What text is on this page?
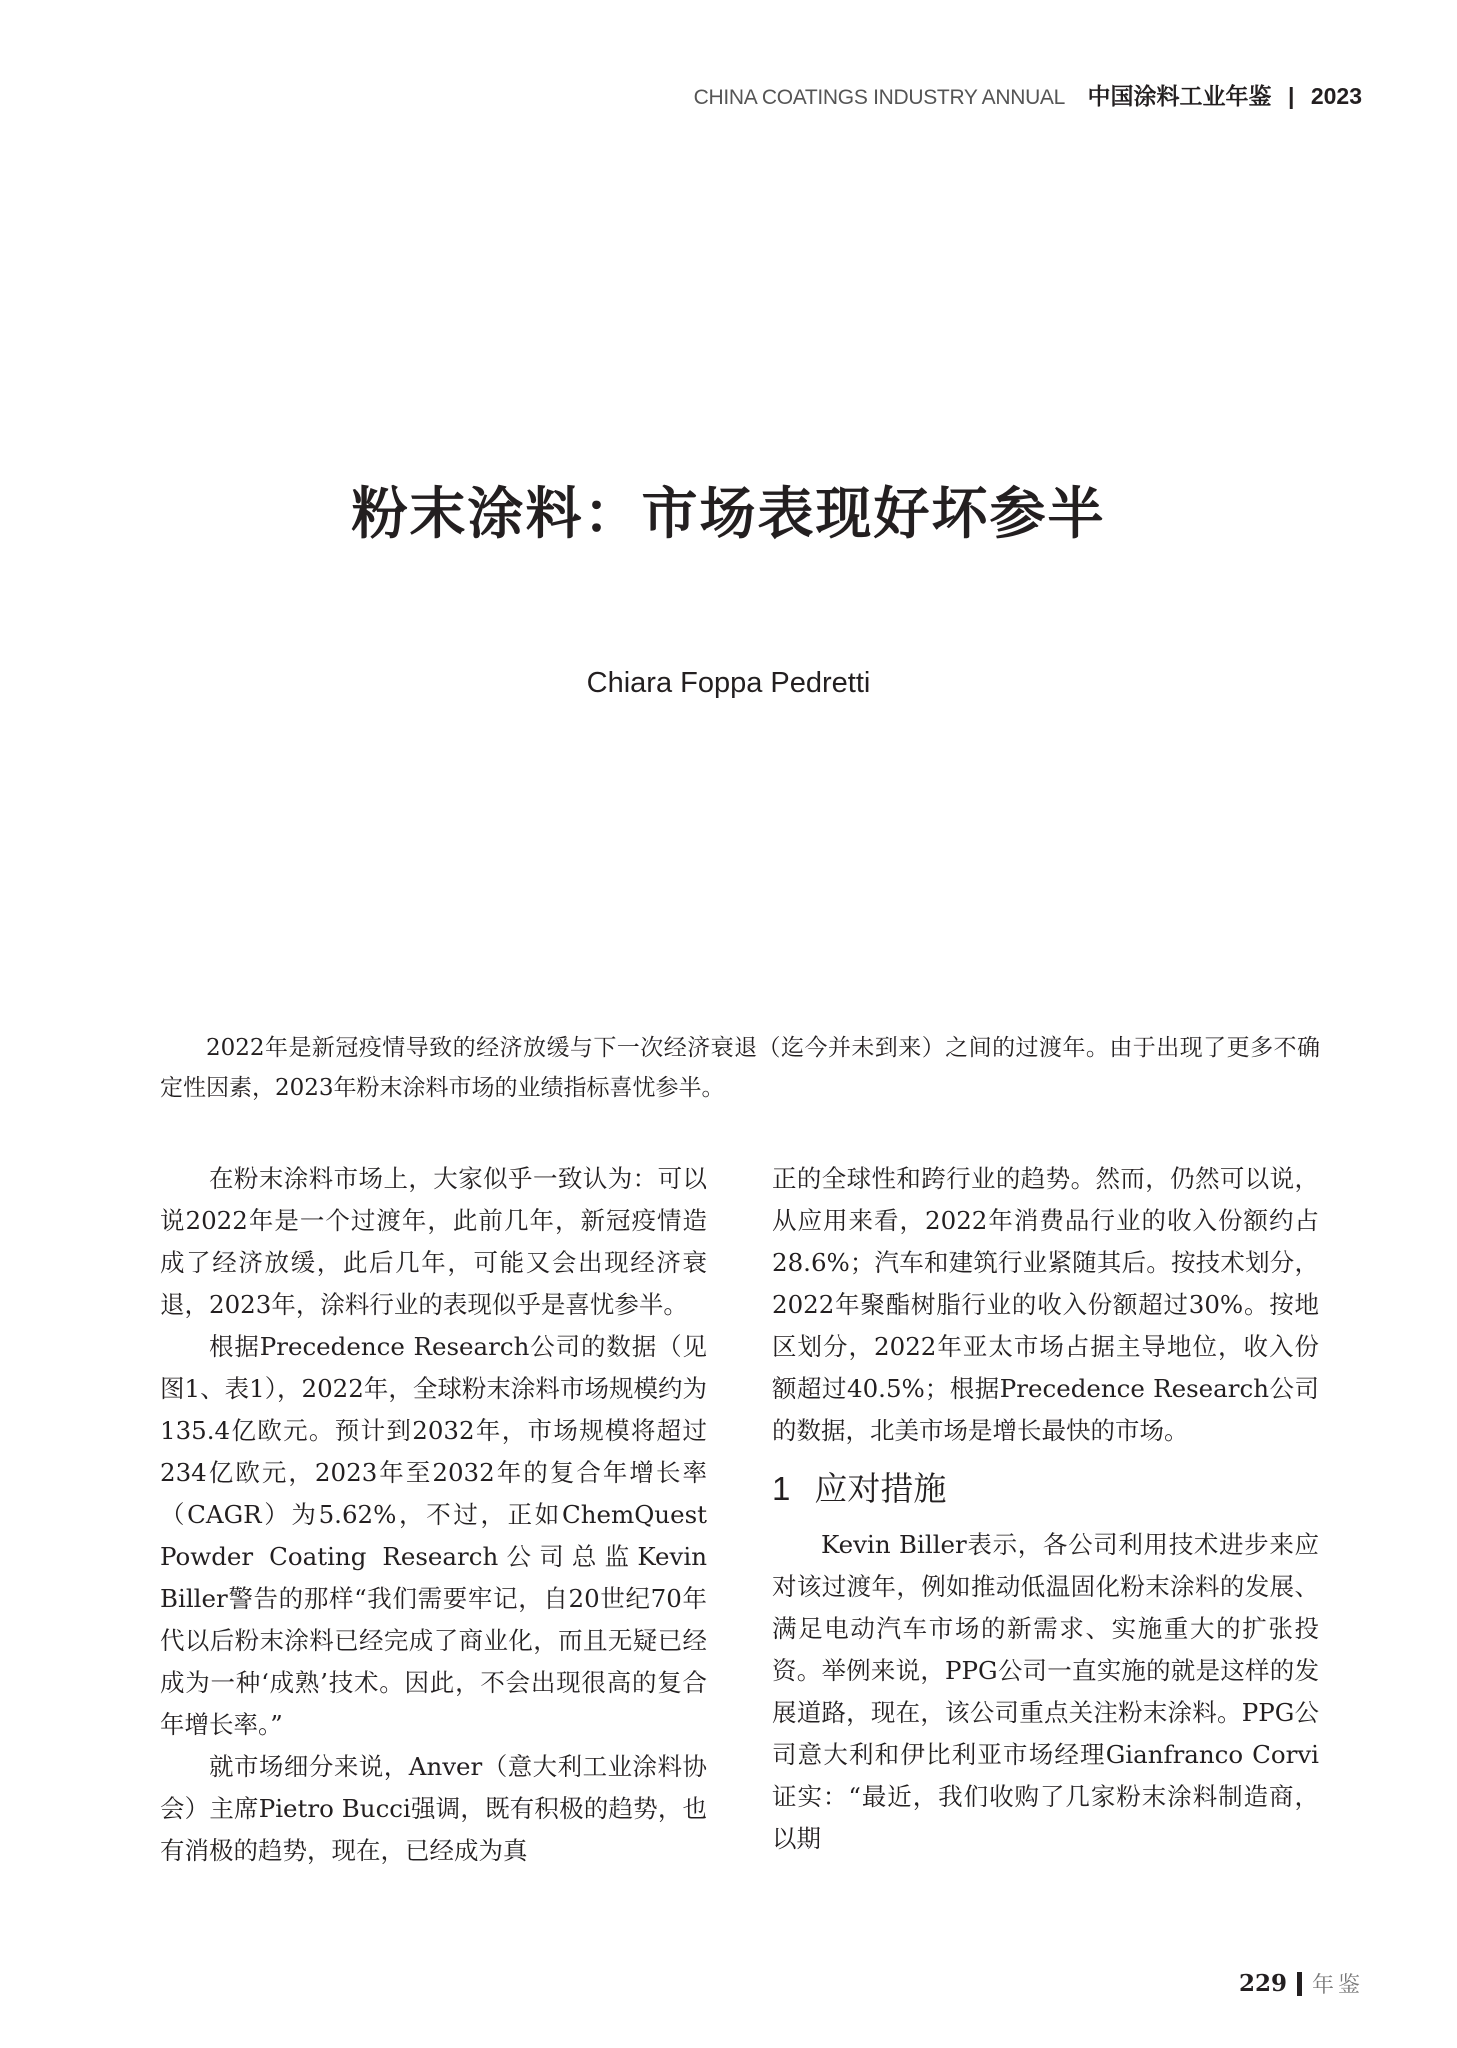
CHINA COATINGS INDUSTRY ANNUAL 中国涂料工业年鉴 | 2023
粉末涂料：市场表现好坏参半
Chiara Foppa Pedretti

2022年是新冠疫情导致的经济放缓与下一次经济衰退（迄今并未到来）之间的过渡年。由于出现了更多不确定性因素，2023年粉末涂料市场的业绩指标喜忧参半。

在粉末涂料市场上，大家似乎一致认为：可以说2022年是一个过渡年，此前几年，新冠疫情造成了经济放缓，此后几年，可能又会出现经济衰退，2023年，涂料行业的表现似乎是喜忧参半。

根据Precedence Research公司的数据（见图1、表1），2022年，全球粉末涂料市场规模约为135.4亿欧元。预计到2032年，市场规模将超过234亿欧元，2023年至2032年的复合年增长率（CAGR）为5.62%，不过，正如ChemQuest Powder Coating Research公司总监Kevin Biller警告的那样“我们需要牢记，自20世纪70年代以后粉末涂料已经完成了商业化，而且无疑已经成为一种‘成熟’技术。因此，不会出现很高的复合年增长率。”

就市场细分来说，Anver（意大利工业涂料协会）主席Pietro Bucci强调，既有积极的趋势，也有消极的趋势，现在，已经成为真

正的全球性和跨行业的趋势。然而，仍然可以说，从应用来看，2022年消费品行业的收入份额约占28.6%；汽车和建筑行业紧随其后。按技术划分，2022年聚酯树脂行业的收入份额超过30%。按地区划分，2022年亚太市场占据主导地位，收入份额超过40.5%；根据Precedence Research公司的数据，北美市场是增长最快的市场。

1 应对措施

Kevin Biller表示，各公司利用技术进步来应对该过渡年，例如推动低温固化粉末涂料的发展、满足电动汽车市场的新需求、实施重大的扩张投资。举例来说，PPG公司一直实施的就是这样的发展道路，现在，该公司重点关注粉末涂料。PPG公司意大利和伊比利亚市场经理Gianfranco Corvi证实：“最近，我们收购了几家粉末涂料制造商，以期

229 年鉴
